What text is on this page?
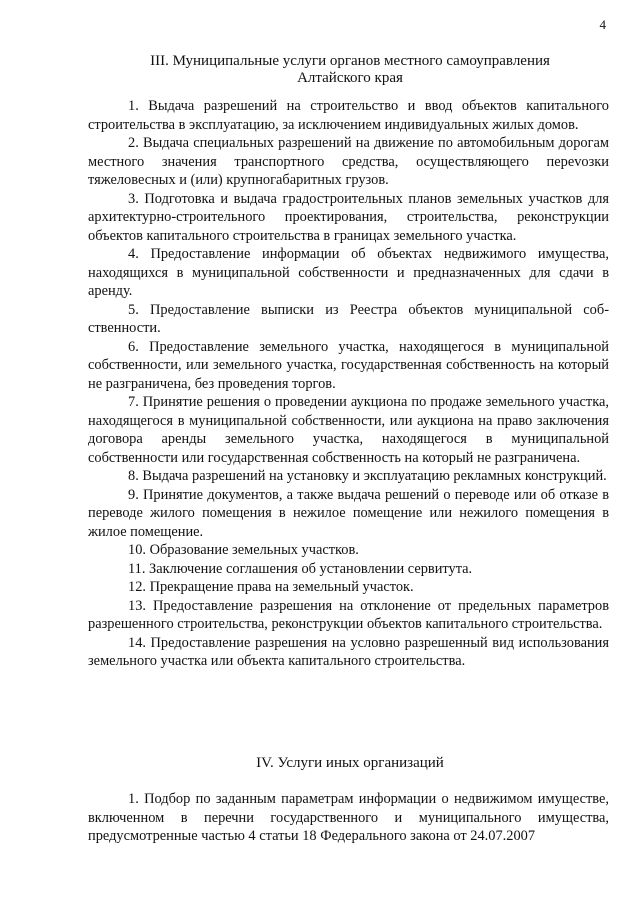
4
III. Муниципальные услуги органов местного самоуправления
Алтайского края

1. Выдача разрешений на строительство и ввод объектов капитального строительства в эксплуатацию, за исключением индивидуальных жилых домов.

2. Выдача специальных разрешений на движение по автомобильным дорогам местного значения транспортного средства, осуществляющего переvозки тяжеловесных и (или) крупногабаритных грузов.

3. Подготовка и выдача градостроительных планов земельных участков для архитектурно-строительного проектирования, строительства, реконструкции объектов капитального строительства в границах земельного участка.

4. Предоставление информации об объектах недвижимого имущества, находящихся в муниципальной собственности и предназначенных для сдачи в аренду.

5. Предоставление выписки из Реестра объектов муниципальной собственности.

6. Предоставление земельного участка, находящегося в муниципальной собственности, или земельного участка, государственная собственность на который не разграничена, без проведения торгов.

7. Принятие решения о проведении аукциона по продаже земельного участка, находящегося в муниципальной собственности, или аукциона на право заключения договора аренды земельного участка, находящегося в муниципальной собственности или государственная собственность на который не разграничена.

8. Выдача разрешений на установку и эксплуатацию рекламных конструкций.

9. Принятие документов, а также выдача решений о переводе или об отказе в переводе жилого помещения в нежилое помещение или нежилого помещения в жилое помещение.

10. Образование земельных участков.

11. Заключение соглашения об установлении сервитута.

12. Прекращение права на земельный участок.

13. Предоставление разрешения на отклонение от предельных параметров разрешенного строительства, реконструкции объектов капитального строительства.

14. Предоставление разрешения на условно разрешенный вид использования земельного участка или объекта капитального строительства.

IV. Услуги иных организаций

1. Подбор по заданным параметрам информации о недвижимом имуществе, включенном в перечни государственного и муниципального имущества, предусмотренные частью 4 статьи 18 Федерального закона от 24.07.2007
